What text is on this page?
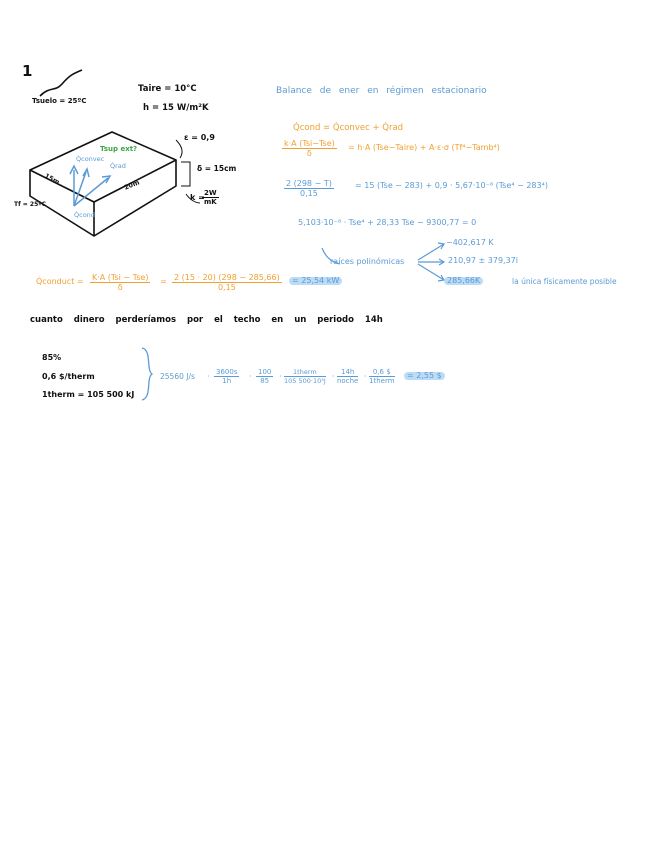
1
Tsuelo = 25ºC
Taire = 10°C
h = 15 W/m²K
ε = 0,9
δ = 15cm
k =
$\frac{2W}{mK}$
Tsup ext?
Q̇convec
Q̇rad
Q̇cond
15m	20m
Tf = 25ºC
Balance de ener en régimen estacionario
Q̇cond = Q̇convec + Q̇rad
k·A (Tsi−Tse)
δ
= h·A (Tse−Taire) + A·ε·σ (Tf⁴−Tamb⁴)
$\frac{2 (298 - T)}{0,15}$	= 15 (Tse − 283) + 0,9 · 5,67·10⁻⁸ (Tse⁴ − 283⁴)
5,103·10⁻⁸ · Tse⁴ + 28,33 Tse − 9300,77 = 0
raíces polinómicas
−402,617 K
210,97 ± 379,37i
285,66K	la única físicamente posible
Q̇conduct = K·A (Tsi − Tse)
δ
= $\frac{2 (15 \cdot 20) (298 - 285,66)}{0,15}$	= 25,54 kW
cuanto dinero perderíamos por el techo en un periodo 14h
85%
0,6 $/therm
1therm = 105 500 kJ
25560 $J/s \cdot \frac{3600s}{1h} \cdot \frac{100}{85}$ ·	1therm
105 500·10³J · 14h
noche · 0,6 $
1therm
= 2,55 $
